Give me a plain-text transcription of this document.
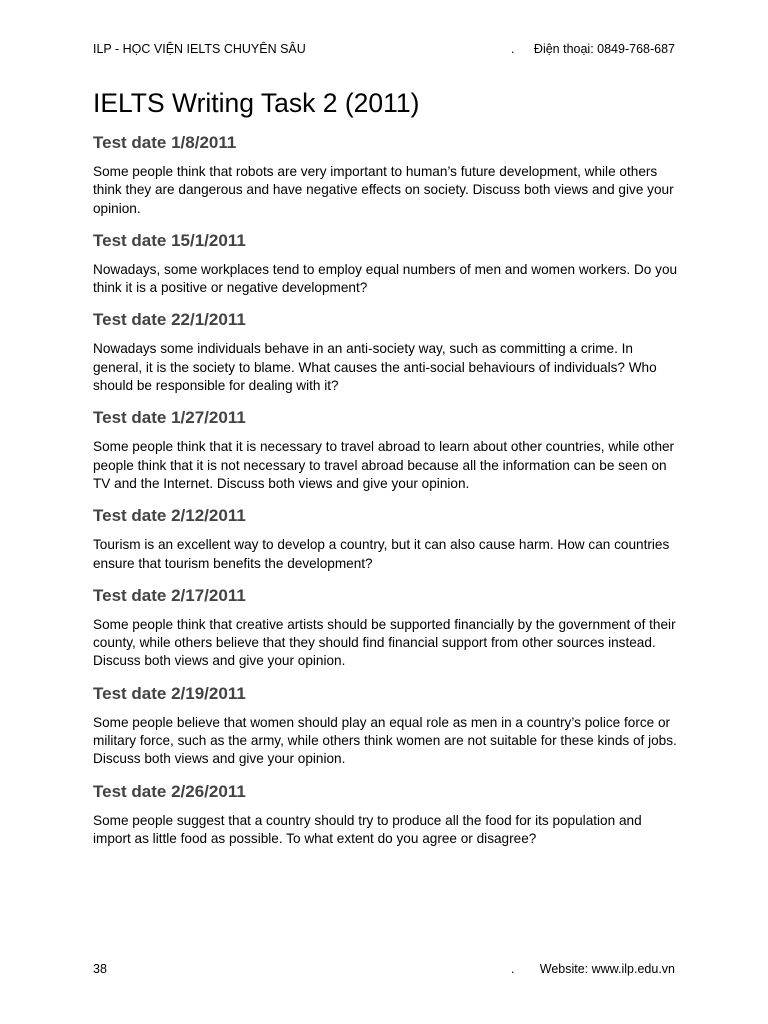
ILP - HỌC VIỆN IELTS CHUYÊN SÂU	. Điện thoại: 0849-768-687
IELTS Writing Task 2 (2011)
Test date 1/8/2011

Some people think that robots are very important to human’s future development, while others think they are dangerous and have negative effects on society. Discuss both views and give your opinion.

Test date 15/1/2011

Nowadays, some workplaces tend to employ equal numbers of men and women workers. Do you think it is a positive or negative development?

Test date 22/1/2011

Nowadays some individuals behave in an anti-society way, such as committing a crime. In general, it is the society to blame. What causes the anti-social behaviours of individuals? Who should be responsible for dealing with it?

Test date 1/27/2011

Some people think that it is necessary to travel abroad to learn about other countries, while other people think that it is not necessary to travel abroad because all the information can be seen on TV and the Internet. Discuss both views and give your opinion.

Test date 2/12/2011

Tourism is an excellent way to develop a country, but it can also cause harm. How can countries ensure that tourism benefits the development?

Test date 2/17/2011

Some people think that creative artists should be supported financially by the government of their county, while others believe that they should find financial support from other sources instead. Discuss both views and give your opinion.

Test date 2/19/2011

Some people believe that women should play an equal role as men in a country’s police force or military force, such as the army, while others think women are not suitable for these kinds of jobs. Discuss both views and give your opinion.

Test date 2/26/2011

Some people suggest that a country should try to produce all the food for its population and import as little food as possible. To what extent do you agree or disagree?

38	. Website: www.ilp.edu.vn
